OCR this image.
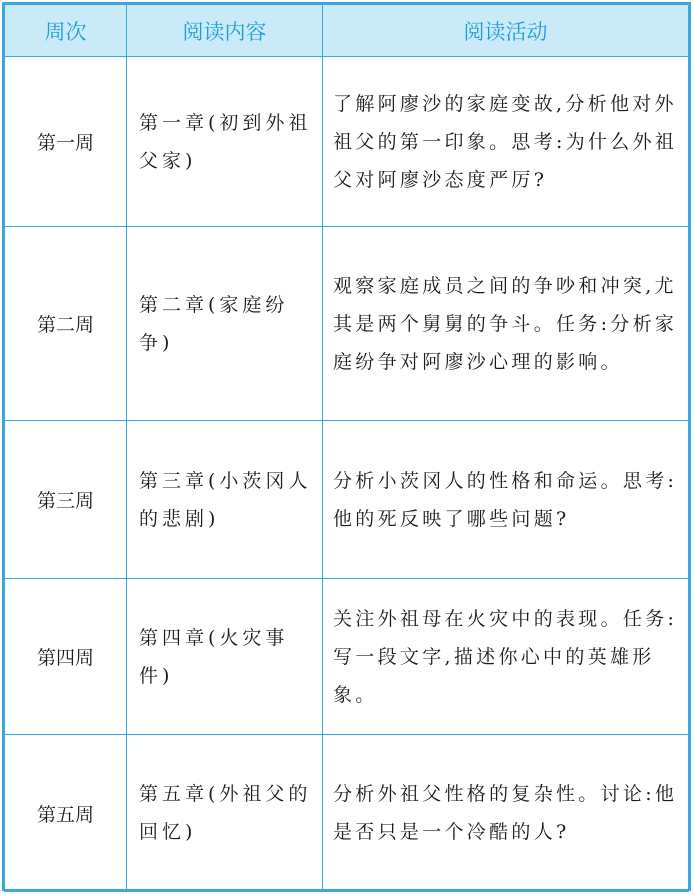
周次	阅读内容	阅读活动
第一周	第一章(初到外祖父家)	了解阿廖沙的家庭变故,分析他对外祖父的第一印象。思考:为什么外祖父对阿廖沙态度严厉?
第二周	第二章(家庭纷争)	观察家庭成员之间的争吵和冲突,尤其是两个舅舅的争斗。任务:分析家庭纷争对阿廖沙心理的影响。
第三周	第三章(小茨冈人的悲剧)	分析小茨冈人的性格和命运。思考:他的死反映了哪些问题?
第四周	第四章(火灾事件)	关注外祖母在火灾中的表现。任务:写一段文字,描述你心中的英雄形象。
第五周	第五章(外祖父的回忆)	分析外祖父性格的复杂性。讨论:他是否只是一个冷酷的人?
